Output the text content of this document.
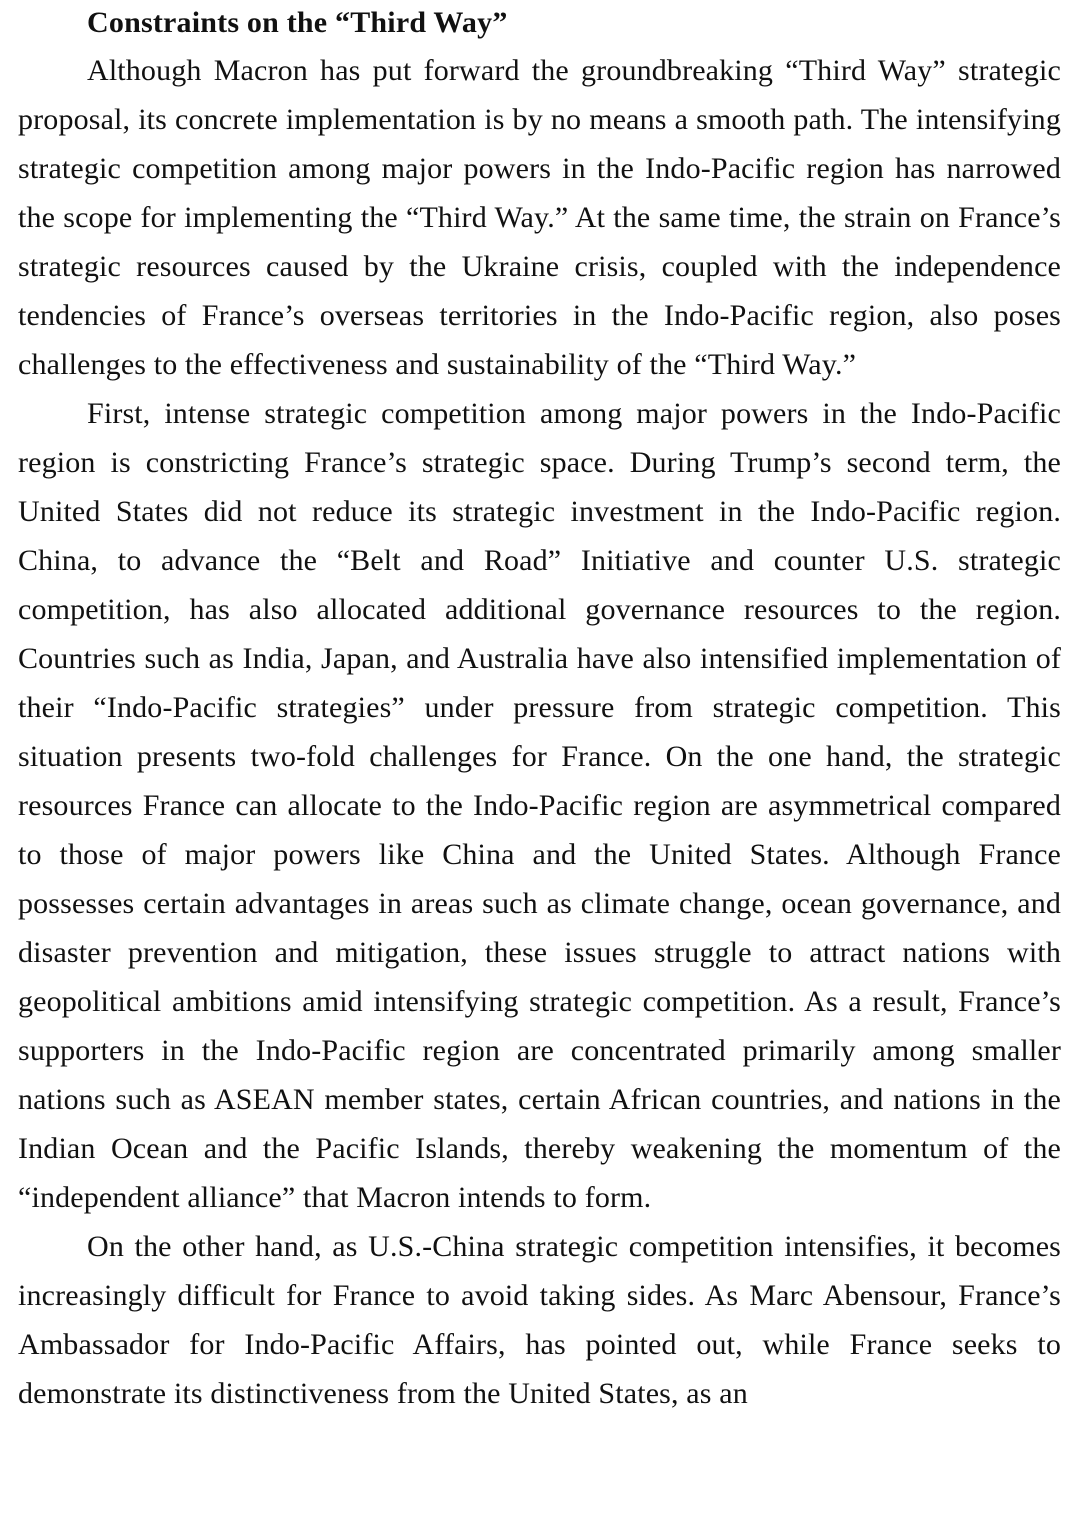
Constraints on the “Third Way”

Although Macron has put forward the groundbreaking “Third Way” strategic proposal, its concrete implementation is by no means a smooth path. The intensifying strategic competition among major powers in the Indo-Pacific region has narrowed the scope for implementing the “Third Way.” At the same time, the strain on France’s strategic resources caused by the Ukraine crisis, coupled with the independence tendencies of France’s overseas territories in the Indo-Pacific region, also poses challenges to the effectiveness and sustainability of the “Third Way.”

First, intense strategic competition among major powers in the Indo-Pacific region is constricting France’s strategic space. During Trump’s second term, the United States did not reduce its strategic investment in the Indo-Pacific region. China, to advance the “Belt and Road” Initiative and counter U.S. strategic competition, has also allocated additional governance resources to the region. Countries such as India, Japan, and Australia have also intensified implementation of their “Indo-Pacific strategies” under pressure from strategic competition. This situation presents two-fold challenges for France. On the one hand, the strategic resources France can allocate to the Indo-Pacific region are asymmetrical compared to those of major powers like China and the United States. Although France possesses certain advantages in areas such as climate change, ocean governance, and disaster prevention and mitigation, these issues struggle to attract nations with geopolitical ambitions amid intensifying strategic competition. As a result, France’s supporters in the Indo-Pacific region are concentrated primarily among smaller nations such as ASEAN member states, certain African countries, and nations in the Indian Ocean and the Pacific Islands, thereby weakening the momentum of the “independent alliance” that Macron intends to form.

On the other hand, as U.S.-China strategic competition intensifies, it becomes increasingly difficult for France to avoid taking sides. As Marc Abensour, France’s Ambassador for Indo-Pacific Affairs, has pointed out, while France seeks to demonstrate its distinctiveness from the United States, as an
